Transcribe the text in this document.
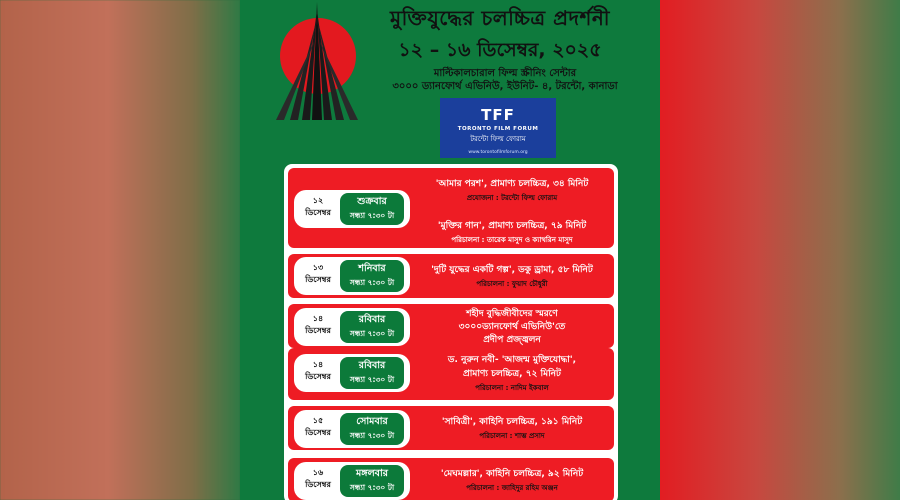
মুক্তিযুদ্ধের চলচ্চিত্র প্রদর্শনী
১২ – ১৬ ডিসেম্বর, ২০২৫
মাল্টিকালচারাল ফিল্ম স্ক্রীনিং সেন্টার
৩০০০ ড্যানফোর্থ এভিনিউ, ইউনিট- ৪, টরন্টো, কানাডা
TFF
TORONTO FILM FORUM
টরন্টো ফিল্ম ফোরাম
www.torontofilmforum.org
১২
ডিসেম্বর
শুক্রবার
সন্ধ্যা ৭:৩০ টা
'আমার পরশ', প্রামাণ্য চলচ্চিত্র, ৩৪ মিনিট
প্রযোজনা : টরন্টো ফিল্ম ফোরাম
'মুক্তির গান', প্রামাণ্য চলচ্চিত্র, ৭৯ মিনিট
পরিচালনা : তারেক মাসুদ ও ক্যাথরিন মাসুদ
১৩
ডিসেম্বর
শনিবার
সন্ধ্যা ৭:৩০ টা
'দুটি যুদ্ধের একটি গল্প', ডকু ড্রামা, ৫৮ মিনিট
পরিচালনা : ফুয়াদ চৌধুরী
১৪
ডিসেম্বর
রবিবার
সন্ধ্যা ৭:৩০ টা
শহীদ বুদ্ধিজীবীদের স্মরণে
৩০০০ড্যানফোর্থ এভিনিউ'তে
প্রদীপ প্রজ্জ্বলন
১৪
ডিসেম্বর
রবিবার
সন্ধ্যা ৭:৩০ টা
ড. নুরুন নবী- 'আজন্ম মুক্তিযোদ্ধা',
প্রামাণ্য চলচ্চিত্র, ৭২ মিনিট
পরিচালনা : নাদিম ইকবাল
১৫
ডিসেম্বর
সোমবার
সন্ধ্যা ৭:৩০ টা
'সাবিত্রী', কাহিনি চলচ্চিত্র, ১৯১ মিনিট
পরিচালনা : শাম্ভ প্রসাদ
১৬
ডিসেম্বর
মঙ্গলবার
সন্ধ্যা ৭:৩০ টা
'মেঘমল্লার', কাহিনি চলচ্চিত্র, ৯২ মিনিট
পরিচালনা : জাহিদুর রহিম অঞ্জন
